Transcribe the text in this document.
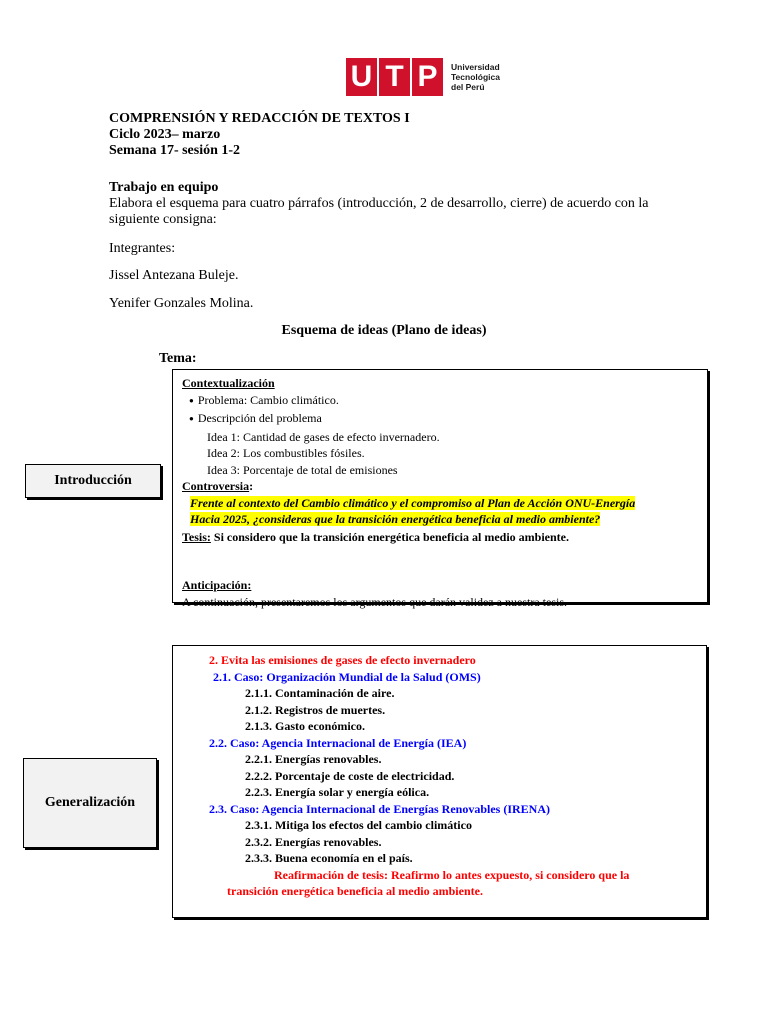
U T P	Universidad
Tecnológica
del Perú
COMPRENSIÓN Y REDACCIÓN DE TEXTOS I
Ciclo 2023– marzo
Semana 17- sesión 1-2
Trabajo en equipo
Elabora el esquema para cuatro párrafos (introducción, 2 de desarrollo, cierre) de acuerdo con la siguiente consigna:
Integrantes:
Jissel Antezana Buleje.
Yenifer Gonzales Molina.
Esquema de ideas (Plano de ideas)
Tema:
Introducción
Contextualización
● Problema: Cambio climático.
● Descripción del problema
Idea 1: Cantidad de gases de efecto invernadero.
Idea 2: Los combustibles fósiles.
Idea 3: Porcentaje de total de emisiones
Controversia:
Frente al contexto del Cambio climático y el compromiso al Plan de Acción ONU-Energía
Hacia 2025, ¿consideras que la transición energética beneficia al medio ambiente?
Tesis: Si considero que la transición energética beneficia al medio ambiente.
Anticipación:
A continuación, presentaremos los argumentos que darán validez a nuestra tesis.
Generalización
2. Evita las emisiones de gases de efecto invernadero
2.1. Caso: Organización Mundial de la Salud (OMS)
2.1.1. Contaminación de aire.
2.1.2. Registros de muertes.
2.1.3. Gasto económico.
2.2. Caso: Agencia Internacional de Energía (IEA)
2.2.1. Energías renovables.
2.2.2. Porcentaje de coste de electricidad.
2.2.3. Energía solar y energía eólica.
2.3. Caso: Agencia Internacional de Energías Renovables (IRENA)
2.3.1. Mitiga los efectos del cambio climático
2.3.2. Energías renovables.
2.3.3. Buena economía en el país.
Reafirmación de tesis: Reafirmo lo antes expuesto, si considero que la
transición energética beneficia al medio ambiente.
